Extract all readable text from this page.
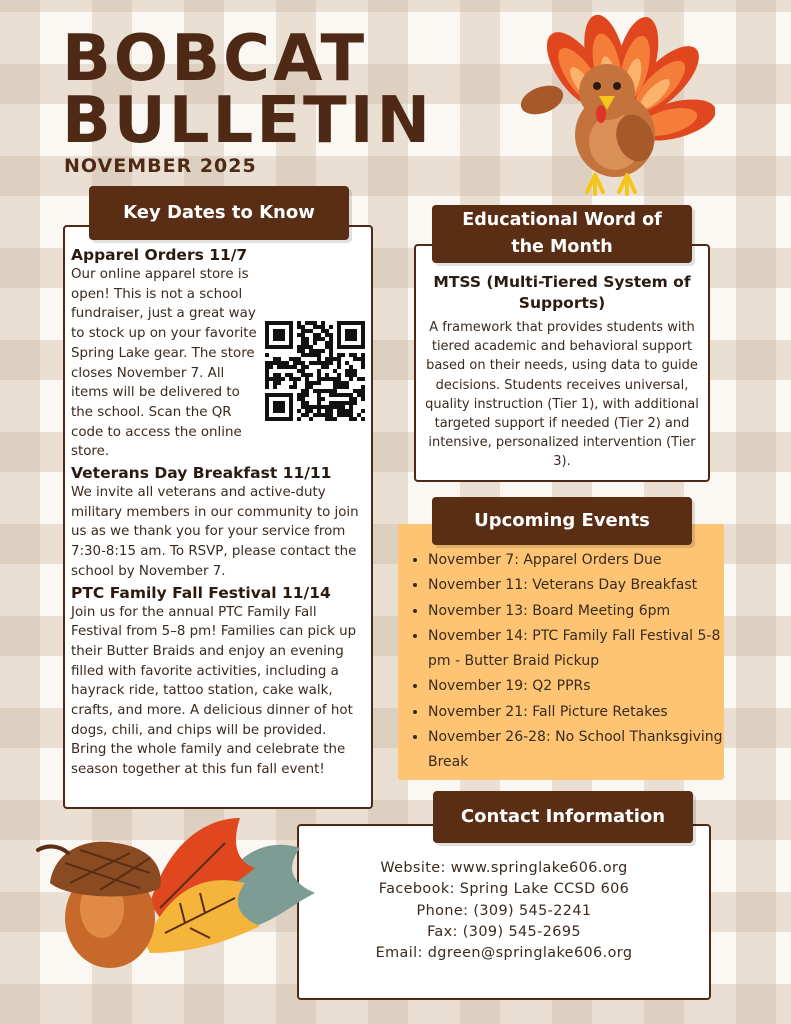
BOBCAT
BULLETIN
NOVEMBER 2025
Key Dates to Know
Apparel Orders 11/7

Our online apparel store is open! This is not a school fundraiser, just a great way to stock up on your favorite Spring Lake gear. The store closes November 7. All items will be delivered to the school. Scan the QR code to access the online store.

Veterans Day Breakfast 11/11

We invite all veterans and active-duty military members in our community to join us as we thank you for your service from 7:30-8:15 am. To RSVP, please contact the school by November 7.

PTC Family Fall Festival 11/14

Join us for the annual PTC Family Fall Festival from 5–8 pm! Families can pick up their Butter Braids and enjoy an evening filled with favorite activities, including a hayrack ride, tattoo station, cake walk, crafts, and more. A delicious dinner of hot dogs, chili, and chips will be provided. Bring the whole family and celebrate the season together at this fun fall event!

Educational Word of
the Month
MTSS (Multi-Tiered System of Supports)

A framework that provides students with tiered academic and behavioral support based on their needs, using data to guide decisions. Students receives universal, quality instruction (Tier 1), with additional targeted support if needed (Tier 2) and intensive, personalized intervention (Tier 3).

Upcoming Events
• November 7: Apparel Orders Due
• November 11: Veterans Day Breakfast
• November 13: Board Meeting 6pm
• November 14: PTC Family Fall Festival 5-8 pm - Butter Braid Pickup
• November 19: Q2 PPRs
• November 21: Fall Picture Retakes
• November 26-28: No School Thanksgiving Break
Contact Information
Website: www.springlake606.org
Facebook: Spring Lake CCSD 606
Phone: (309) 545-2241
Fax: (309) 545-2695
Email: dgreen@springlake606.org
